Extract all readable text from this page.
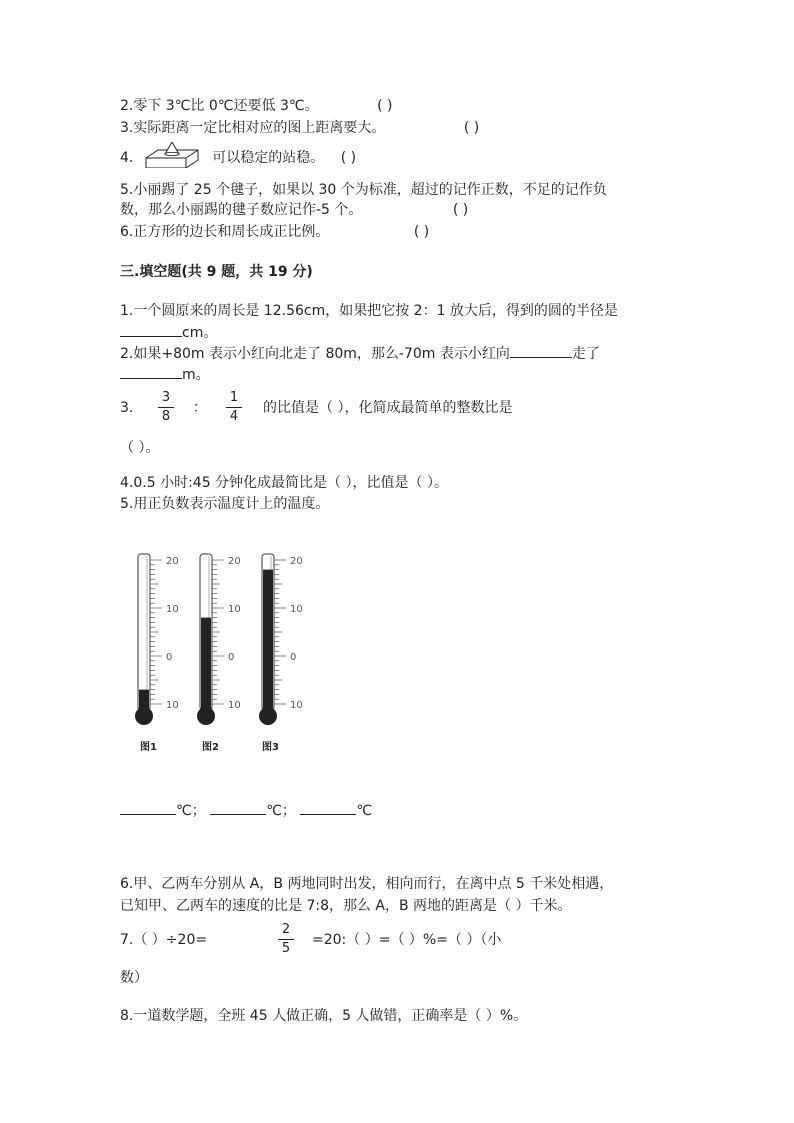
2.零下 3℃比 0℃还要低 3℃。	( )
3.实际距离一定比相对应的图上距离要大。	( )
4.	可以稳定的站稳。 ( )
5.小丽踢了 25 个毽子，如果以 30 个为标准，超过的记作正数，不足的记作负
数，那么小丽踢的毽子数应记作-5 个。	( )
6.正方形的边长和周长成正比例。	( )
三.填空题(共 9 题，共 19 分)
1.一个圆原来的周长是 12.56cm，如果把它按 2：1 放大后，得到的圆的半径是
cm。
2.如果+80m 表示小红向北走了 80m，那么-70m 表示小红向	走了
m。
3.
3
8
：
1
4
的比值是（ ），化简成最简单的整数比是
（ ）。
4.0.5 小时:45 分钟化成最简比是（ ），比值是（ ）。
5.用正负数表示温度计上的温度。
20
10
0
10
图1
20
10
0
10
图2
20
10
0
10
图3
℃；	℃；	℃
6.甲、乙两车分别从 A，B 两地同时出发，相向而行，在离中点 5 千米处相遇，
已知甲、乙两车的速度的比是 7:8，那么 A，B 两地的距离是（ ）千米。
7.（ ）÷20=
2
5
=20:（ ）=（ ）%=（ ）（小
数）
8.一道数学题，全班 45 人做正确，5 人做错，正确率是（ ）%。
